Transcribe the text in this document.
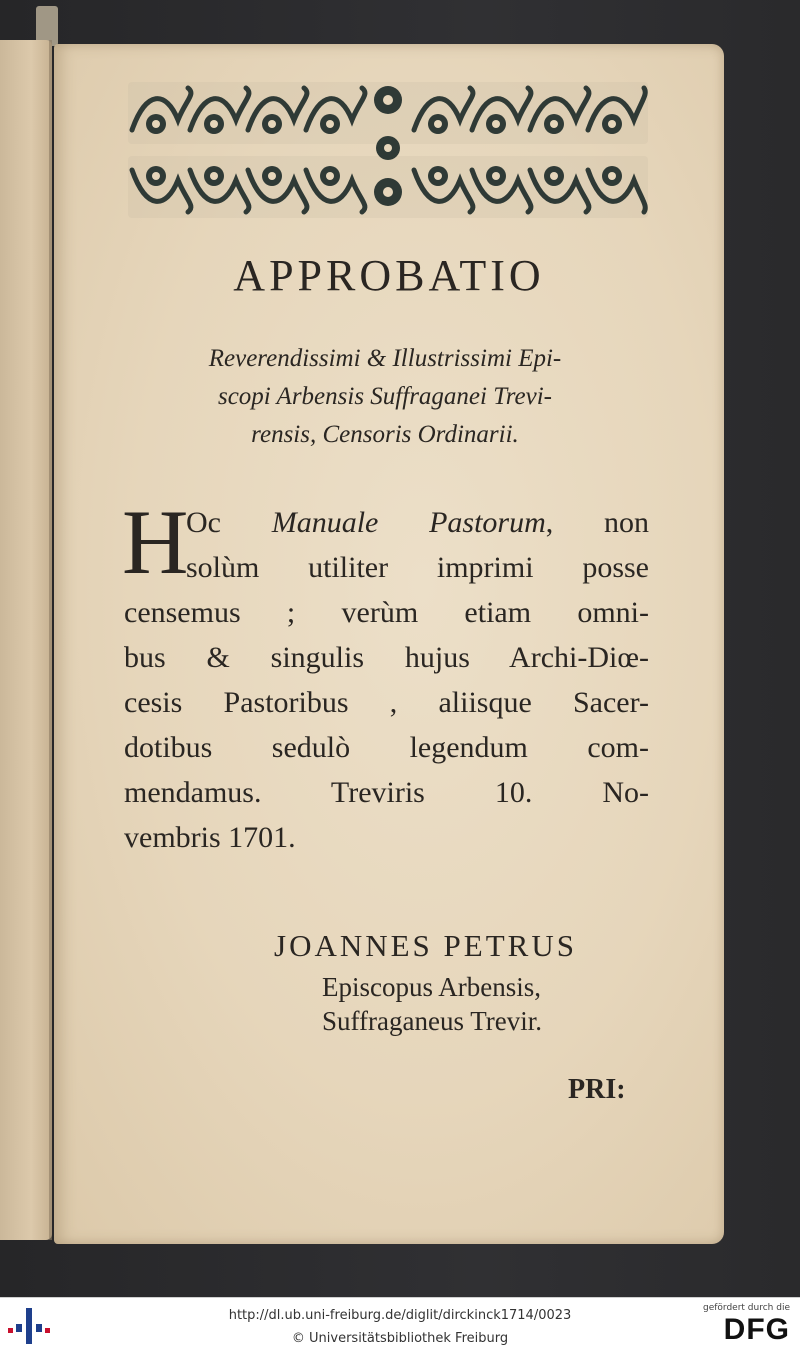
APPROBATIO
Reverendissimi & Illustrissimi Epi-
scopi Arbensis Suffraganei Trevi-
rensis, Censoris Ordinarii.
H
Oc Manuale Pastorum, non
solùm utiliter imprimi posse
censemus ; verùm etiam omni-
bus & singulis hujus Archi-Diœ-
cesis Pastoribus , aliisque Sacer-
dotibus sedulò legendum com-
mendamus. Treviris 10. No-
vembris 1701.
JOANNES PETRUS
Episcopus Arbensis,
Suffraganeus Trevir.
PRI:
http://dl.ub.uni-freiburg.de/diglit/dirckinck1714/0023
© Universitätsbibliothek Freiburg
gefördert durch die
DFG
